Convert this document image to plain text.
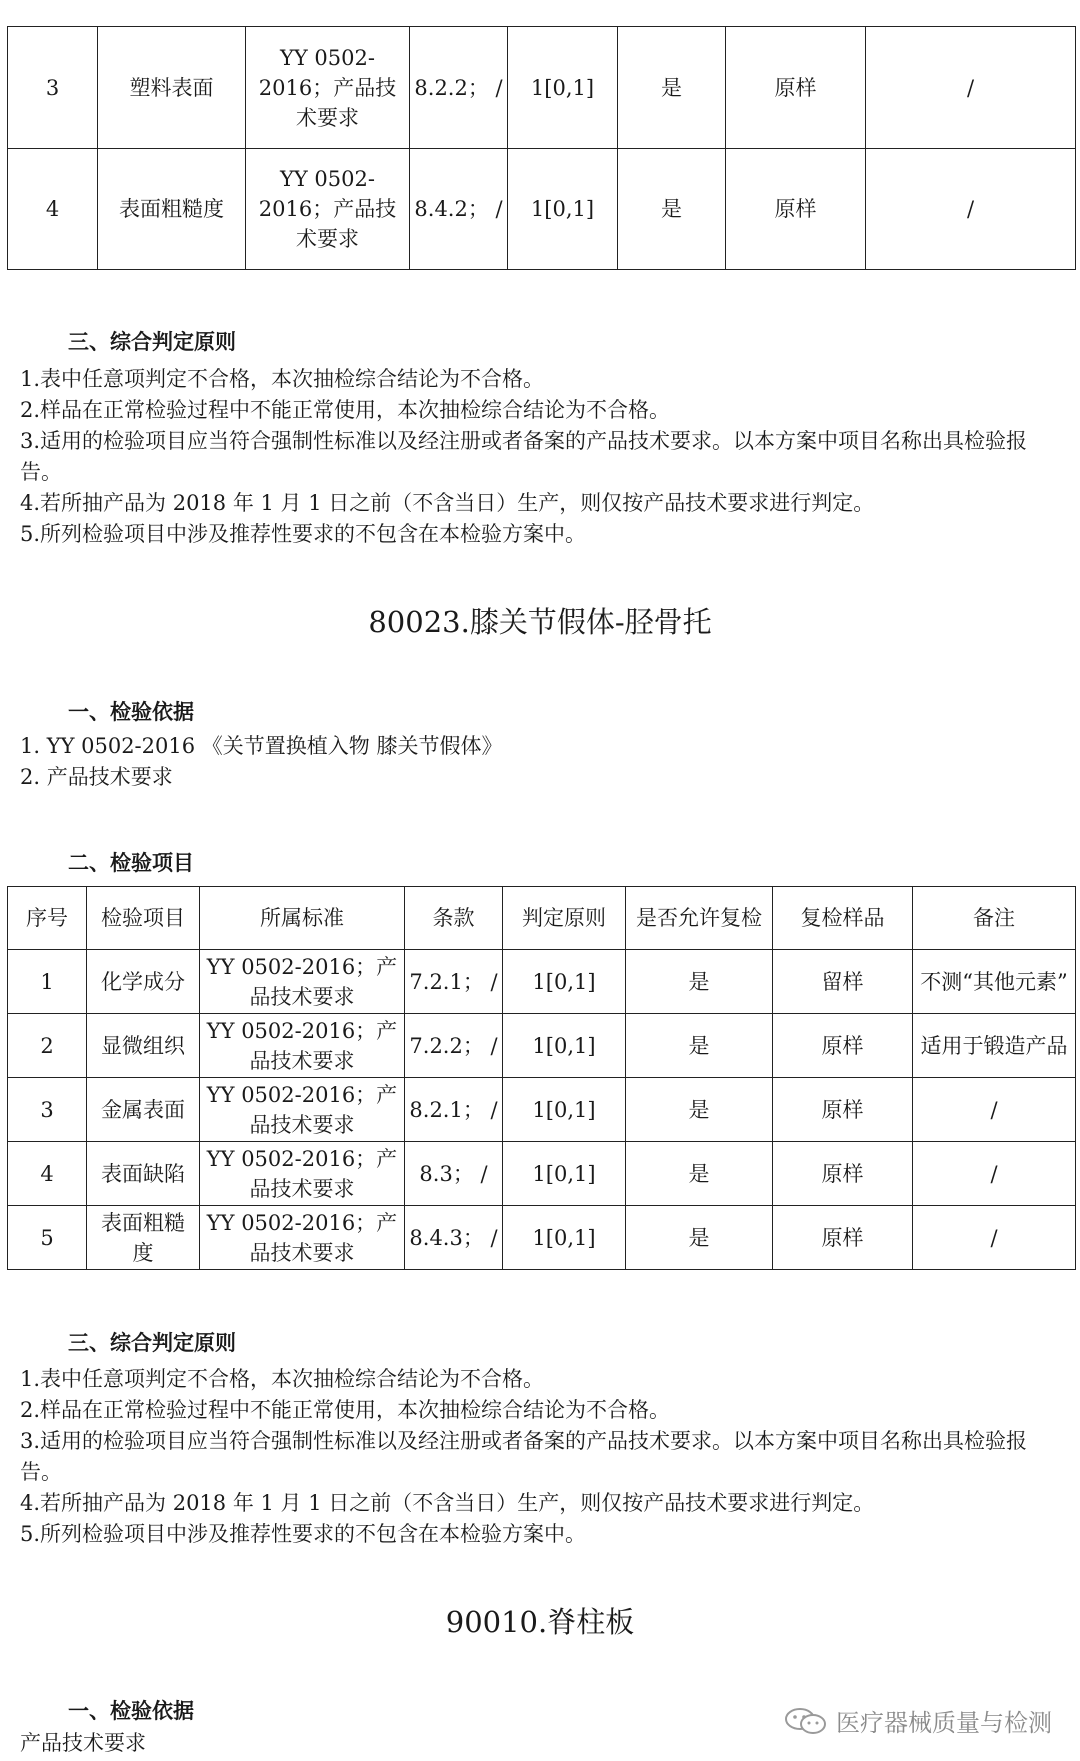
3	塑料表面	YY 0502-2016；产品技术要求	8.2.2； /	1[0,1]	是	原样	/
4	表面粗糙度	YY 0502-2016；产品技术要求	8.4.2； /	1[0,1]	是	原样	/
三、综合判定原则
1.表中任意项判定不合格，本次抽检综合结论为不合格。
2.样品在正常检验过程中不能正常使用，本次抽检综合结论为不合格。
3.适用的检验项目应当符合强制性标准以及经注册或者备案的产品技术要求。以本方案中项目名称出具检验报告。
4.若所抽产品为 2018 年 1 月 1 日之前（不含当日）生产，则仅按产品技术要求进行判定。
5.所列检验项目中涉及推荐性要求的不包含在本检验方案中。
80023.膝关节假体-胫骨托
一、检验依据
1. YY 0502-2016 《关节置换植入物 膝关节假体》
2. 产品技术要求
二、检验项目
序号	检验项目	所属标准	条款	判定原则	是否允许复检	复检样品	备注
1	化学成分	YY 0502-2016；产品技术要求	7.2.1； /	1[0,1]	是	留样	不测“其他元素”
2	显微组织	YY 0502-2016；产品技术要求	7.2.2； /	1[0,1]	是	原样	适用于锻造产品
3	金属表面	YY 0502-2016；产品技术要求	8.2.1； /	1[0,1]	是	原样	/
4	表面缺陷	YY 0502-2016；产品技术要求	8.3； /	1[0,1]	是	原样	/
5	表面粗糙度	YY 0502-2016；产品技术要求	8.4.3； /	1[0,1]	是	原样	/
三、综合判定原则
1.表中任意项判定不合格，本次抽检综合结论为不合格。
2.样品在正常检验过程中不能正常使用，本次抽检综合结论为不合格。
3.适用的检验项目应当符合强制性标准以及经注册或者备案的产品技术要求。以本方案中项目名称出具检验报告。
4.若所抽产品为 2018 年 1 月 1 日之前（不含当日）生产，则仅按产品技术要求进行判定。
5.所列检验项目中涉及推荐性要求的不包含在本检验方案中。
90010.脊柱板
一、检验依据
产品技术要求
医疗器械质量与检测
